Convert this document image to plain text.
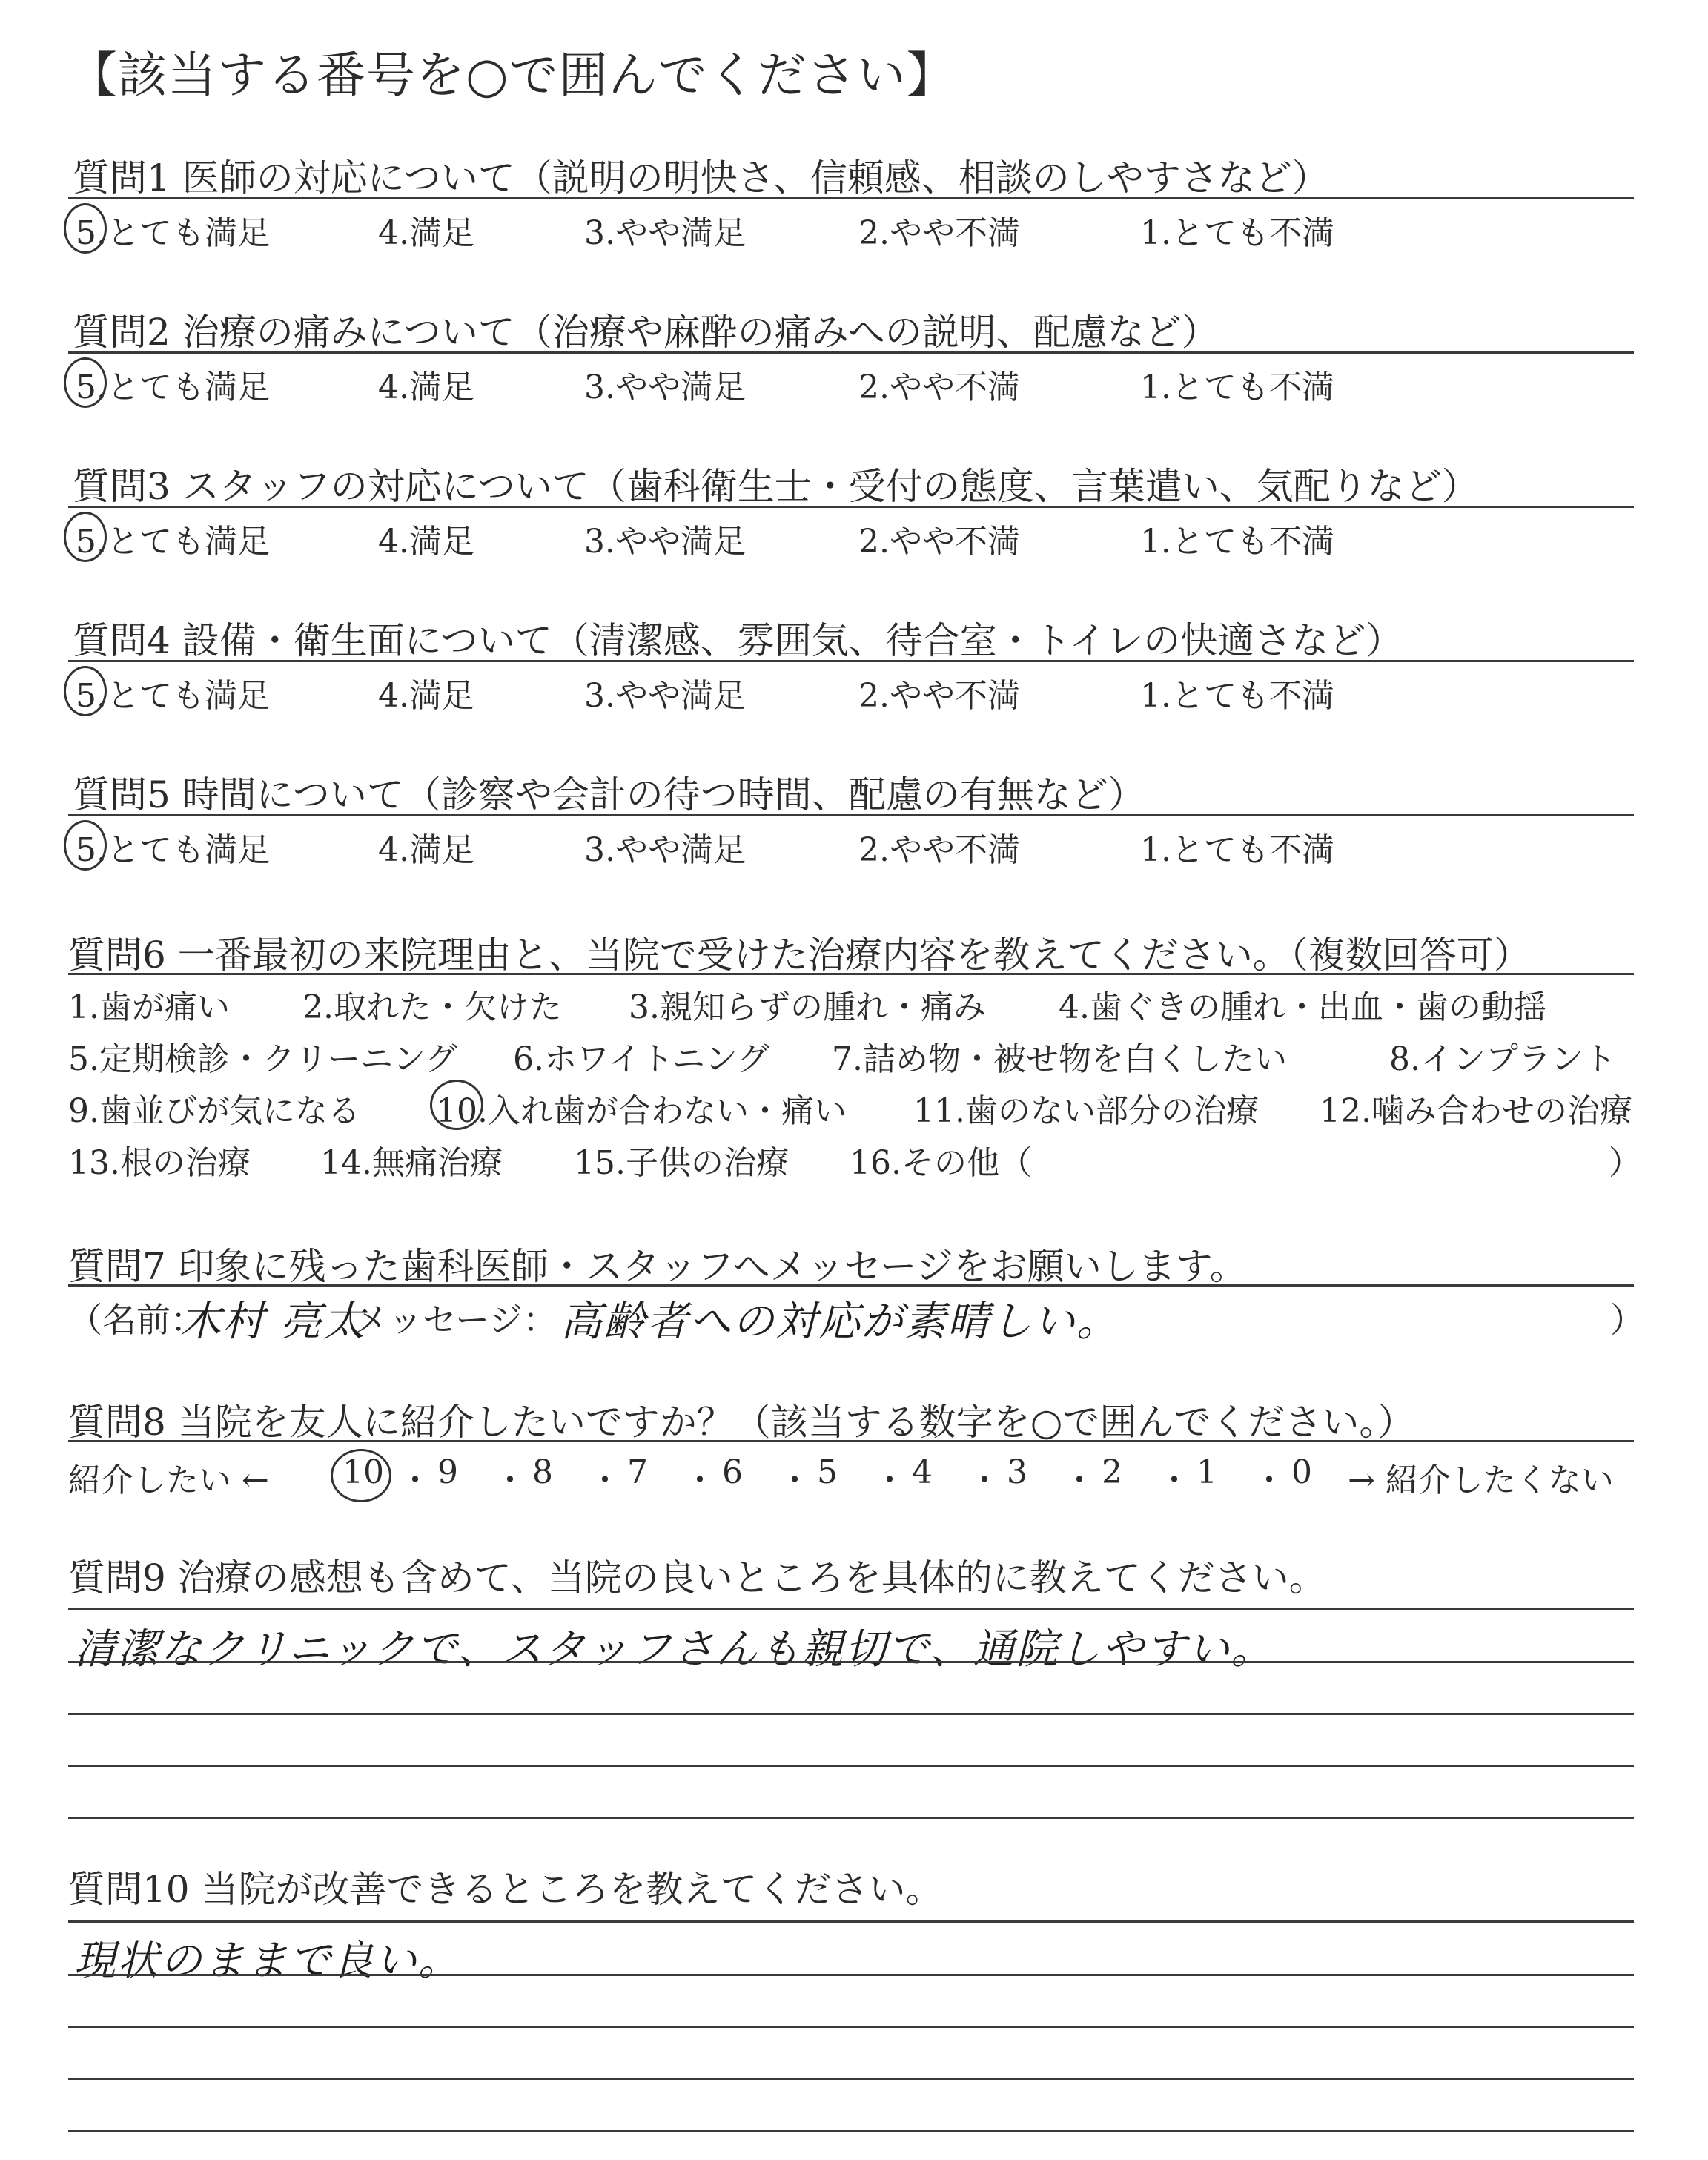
【該当する番号を○で囲んでください】
質問1 医師の対応について（説明の明快さ、信頼感、相談のしやすさなど）
5.とても満足	4.満足	3.やや満足	2.やや不満	1.とても不満
質問2 治療の痛みについて（治療や麻酔の痛みへの説明、配慮など）
5.とても満足	4.満足	3.やや満足	2.やや不満	1.とても不満
質問3 スタッフの対応について（歯科衛生士・受付の態度、言葉遣い、気配りなど）
5.とても満足	4.満足	3.やや満足	2.やや不満	1.とても不満
質問4 設備・衛生面について（清潔感、雰囲気、待合室・トイレの快適さなど）
5.とても満足	4.満足	3.やや満足	2.やや不満	1.とても不満
質問5 時間について（診察や会計の待つ時間、配慮の有無など）
5.とても満足	4.満足	3.やや満足	2.やや不満	1.とても不満
質問6 一番最初の来院理由と、当院で受けた治療内容を教えてください。（複数回答可）
1.歯が痛い 2.取れた・欠けた 3.親知らずの腫れ・痛み 4.歯ぐきの腫れ・出血・歯の動揺
5.定期検診・クリーニング 6.ホワイトニング 7.詰め物・被せ物を白くしたい	8.インプラント
9.歯並びが気になる 10.入れ歯が合わない・痛い 11.歯のない部分の治療 12.噛み合わせの治療
13.根の治療 14.無痛治療 15.子供の治療 16.その他（	）
質問7 印象に残った歯科医師・スタッフへメッセージをお願いします。
（名前：
木村 亮太
メッセージ： 高齢者への対応が素晴しい。	）
質問8 当院を友人に紹介したいですか？（該当する数字を○で囲んでください。）
紹介したい ←	→ 紹介したくない
10 ・ 9 ・ 8 ・ 7 ・ 6 ・ 5 ・ 4 ・ 3 ・ 2 ・ 1 ・ 0
質問9 治療の感想も含めて、当院の良いところを具体的に教えてください。
清潔なクリニックで、スタッフさんも親切で、通院しやすい。
質問10 当院が改善できるところを教えてください。
現状のままで良い。
